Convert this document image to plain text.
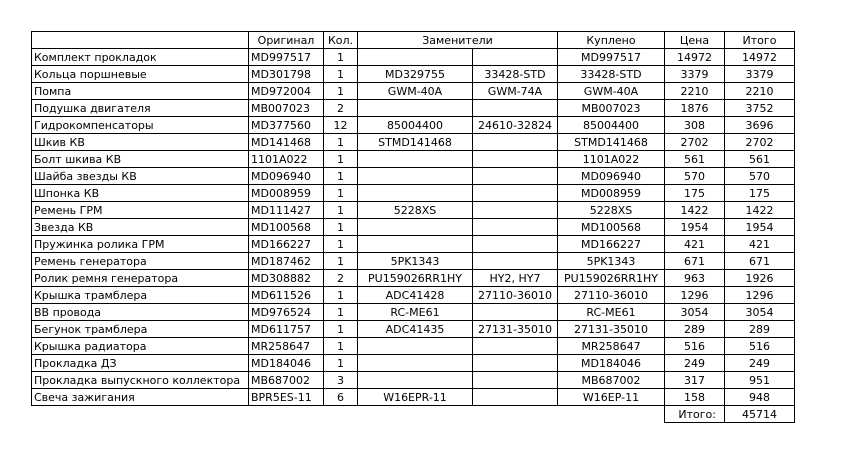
	Оригинал	Кол.	Заменители		Куплено	Цена	Итого
Комплект прокладок	MD997517	1			MD997517	14972	14972
Кольца поршневые	MD301798	1	MD329755	33428-STD	33428-STD	3379	3379
Помпа	MD972004	1	GWM-40A	GWM-74A	GWM-40A	2210	2210
Подушка двигателя	MB007023	2			MB007023	1876	3752
Гидрокомпенсаторы	MD377560	12	85004400	24610-32824	85004400	308	3696
Шкив КВ	MD141468	1	STMD141468		STMD141468	2702	2702
Болт шкива КВ	1101A022	1			1101A022	561	561
Шайба звезды КВ	MD096940	1			MD096940	570	570
Шпонка КВ	MD008959	1			MD008959	175	175
Ремень ГРМ	MD111427	1	5228XS		5228XS	1422	1422
Звезда КВ	MD100568	1			MD100568	1954	1954
Пружинка ролика ГРМ	MD166227	1			MD166227	421	421
Ремень генератора	MD187462	1	5PK1343		5PK1343	671	671
Ролик ремня генератора	MD308882	2	PU159026RR1HY	HY2, HY7	PU159026RR1HY	963	1926
Крышка трамблера	MD611526	1	ADC41428	27110-36010	27110-36010	1296	1296
ВВ провода	MD976524	1	RC-ME61		RC-ME61	3054	3054
Бегунок трамблера	MD611757	1	ADC41435	27131-35010	27131-35010	289	289
Крышка радиатора	MR258647	1			MR258647	516	516
Прокладка ДЗ	MD184046	1			MD184046	249	249
Прокладка выпускного коллектора	MB687002	3			MB687002	317	951
Свеча зажигания	BPR5ES-11	6	W16EPR-11		W16EP-11	158	948
						Итого:	45714
